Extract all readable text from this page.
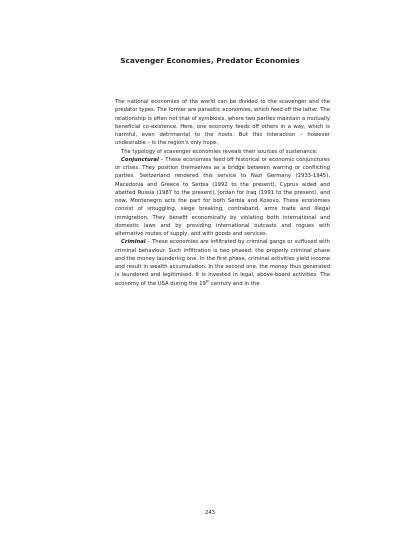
Scavenger Economies, Predator Economies

The national economies of the world can be divided to the scavenger and the predator types. The former are parasitic economies, which feed off the latter. The relationship is often not that of symbiosis, where two parties maintain a mutually beneficial co-existence. Here, one economy feeds off others in a way, which is harmful, even detrimental to the hosts. But this interaction – however undesirable – is the region's only hope.

The typology of scavenger economies reveals their sources of sustenance:

Conjunctural – These economies feed off historical or economic conjunctures or crises. They position themselves as a bridge between warring or conflicting parties. Switzerland rendered this service to Nazi Germany (1933-1945), Macedonia and Greece to Serbia (1992 to the present), Cyprus aided and abetted Russia (1987 to the present), Jordan for Iraq (1991 to the present), and now, Montenegro acts the part for both Serbia and Kosovo. These economies consist of smuggling, siege breaking, contraband, arms trade and illegal immigration. They benefit economically by violating both international and domestic laws and by providing international outcasts and rogues with alternative routes of supply, and with goods and services.

Criminal – These economies are infiltrated by criminal gangs or suffused with criminal behaviour. Such infiltration is two phased: the properly criminal phase and the money laundering one. In the first phase, criminal activities yield income and result in wealth accumulation. In the second one, the money thus generated is laundered and legitimised. It is invested in legal, above-board activities. The economy of the USA during the 19th century and in the

243
